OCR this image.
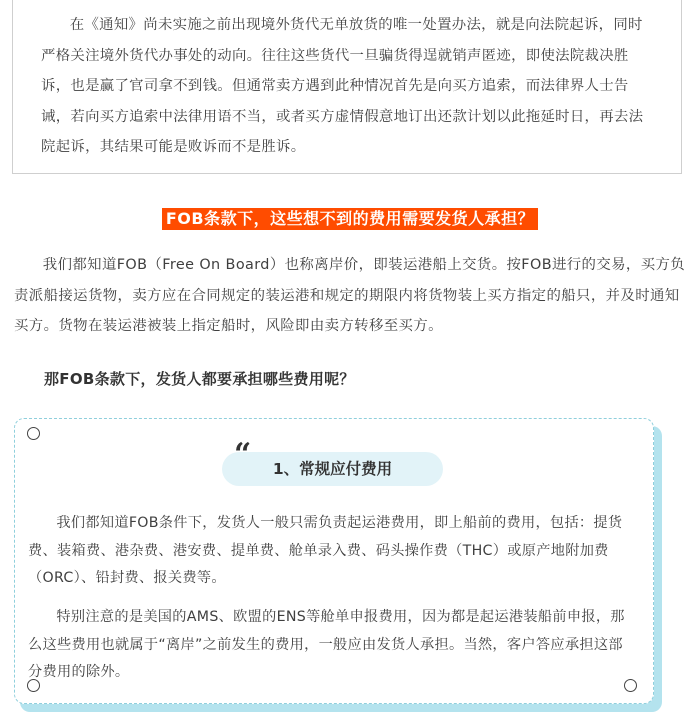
在《通知》尚未实施之前出现境外货代无单放货的唯一处置办法，就是向法院起诉，同时严格关注境外货代办事处的动向。往往这些货代一旦骗货得逞就销声匿迹，即使法院裁决胜诉，也是赢了官司拿不到钱。但通常卖方遇到此种情况首先是向买方追索，而法律界人士告诫，若向买方追索中法律用语不当，或者买方虚情假意地订出还款计划以此拖延时日，再去法院起诉，其结果可能是败诉而不是胜诉。

FOB条款下，这些想不到的费用需要发货人承担？

我们都知道FOB（Free On Board）也称离岸价，即装运港船上交货。按FOB进行的交易，买方负责派船接运货物，卖方应在合同规定的装运港和规定的期限内将货物装上买方指定的船只，并及时通知买方。货物在装运港被装上指定船时，风险即由卖方转移至买方。

那FOB条款下，发货人都要承担哪些费用呢？

1、常规应付费用

我们都知道FOB条件下，发货人一般只需负责起运港费用，即上船前的费用，包括：提货费、装箱费、港杂费、港安费、提单费、舱单录入费、码头操作费（THC）或原产地附加费（ORC）、铅封费、报关费等。

特别注意的是美国的AMS、欧盟的ENS等舱单申报费用，因为都是起运港装船前申报，那么这些费用也就属于“离岸”之前发生的费用，一般应由发货人承担。当然，客户答应承担这部分费用的除外。
